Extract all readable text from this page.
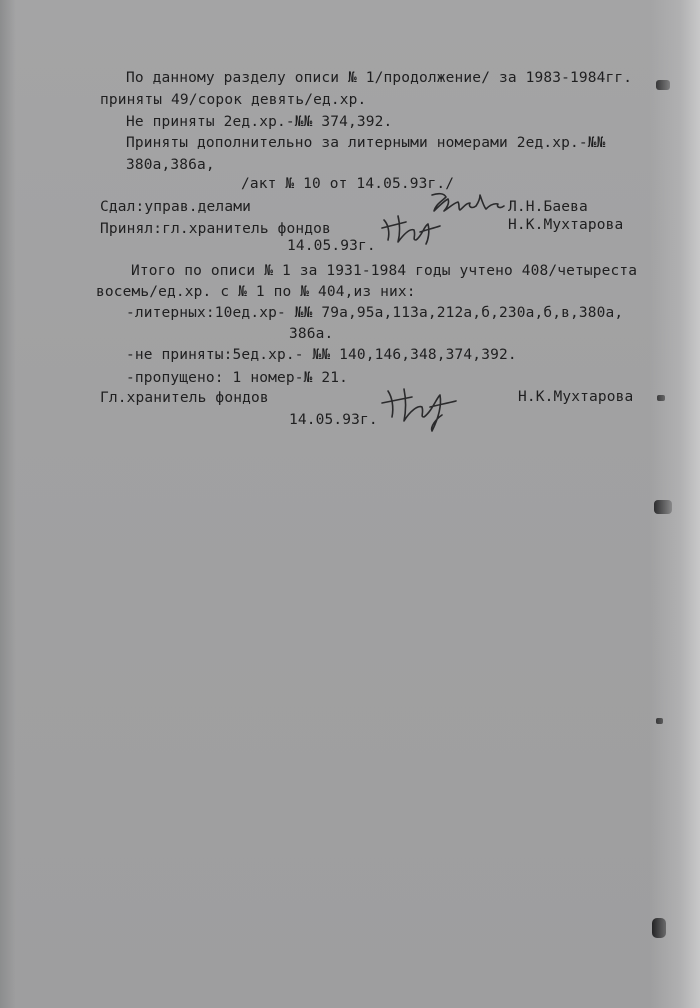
По данному разделу описи № 1/продолжение/ за 1983-1984гг.
приняты 49/сорок девять/ед.хр.
Не приняты 2ед.хр.-№№ 374,392.
Приняты дополнительно за литерными номерами 2ед.хр.-№№
380а,386а,
/акт № 10 от 14.05.93г./
Сдал:управ.делами	Л.Н.Баева
Принял:гл.хранитель фондов	Н.К.Мухтарова
14.05.93г.
Итого по описи № 1 за 1931-1984 годы учтено 408/четыреста
восемь/ед.хр. с № 1 по № 404,из них:
-литерных:10ед.хр- №№ 79а,95а,113а,212а,б,230а,б,в,380а,
386а.
-не приняты:5ед.хр.- №№ 140,146,348,374,392.
-пропущено: 1 номер-№ 21.
Гл.хранитель фондов	Н.К.Мухтарова
14.05.93г.
